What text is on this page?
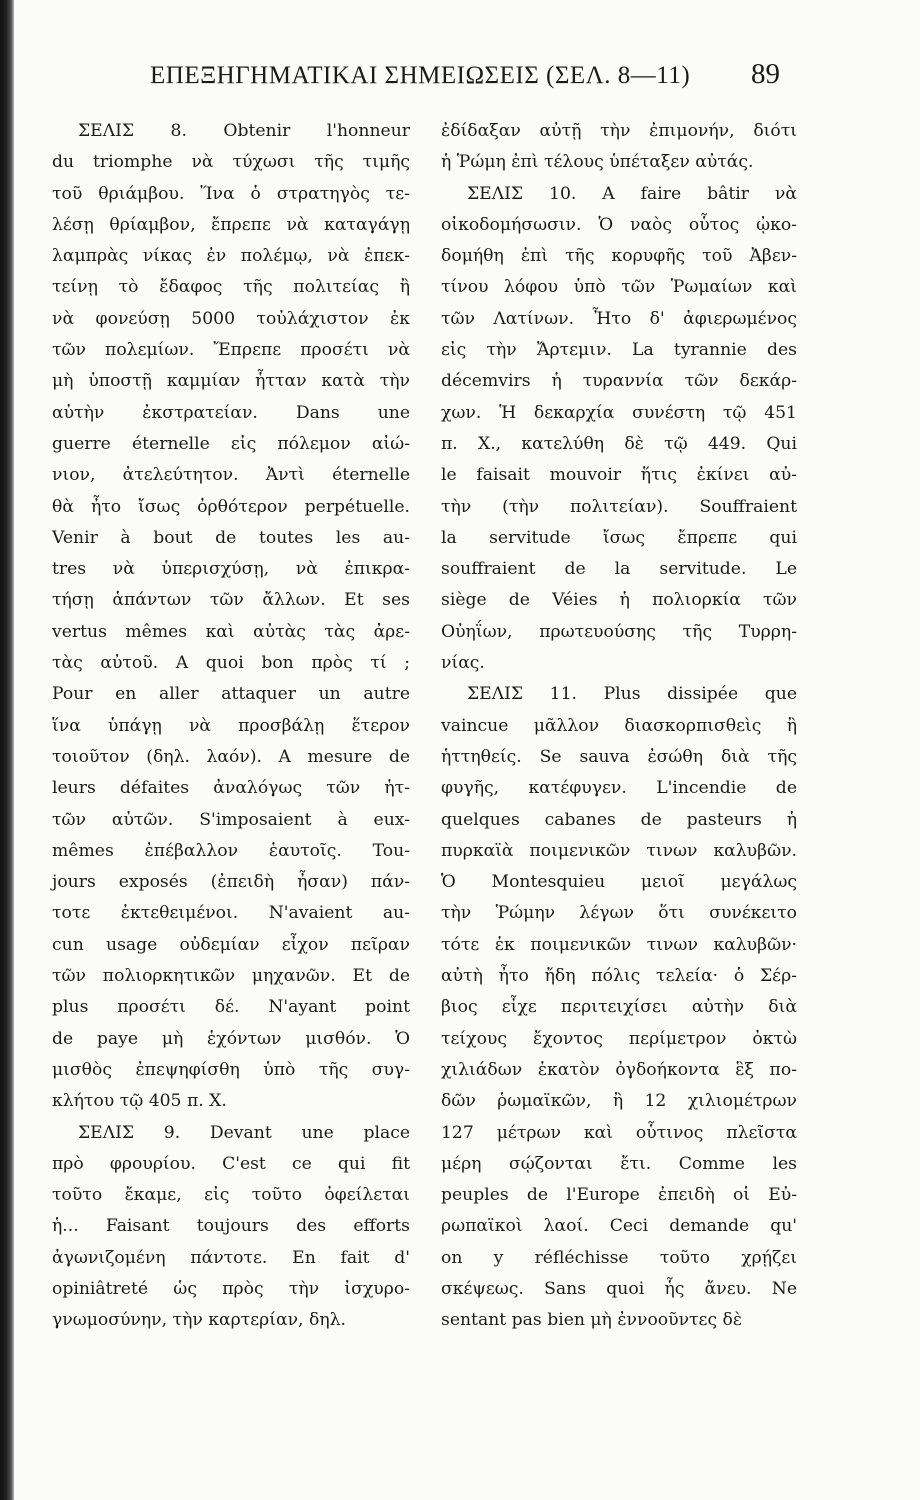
ΕΠΕΞΗΓΗΜΑΤΙΚΑΙ ΣΗΜΕΙΩΣΕΙΣ (ΣΕΛ. 8—11) 89
ΣΕΛΙΣ 8. Obtenir l'honneur
du triomphe νὰ τύχωσι τῆς τιμῆς
τοῦ θριάμβου. Ἵνα ὁ στρατηγὸς τε-
λέσῃ θρίαμβον, ἔπρεπε νὰ καταγάγῃ
λαμπρὰς νίκας ἐν πολέμῳ, νὰ ἐπεκ-
τείνῃ τὸ ἔδαφος τῆς πολιτείας ἢ
νὰ φονεύσῃ 5000 τοὐλάχιστον ἐκ
τῶν πολεμίων. Ἔπρεπε προσέτι νὰ
μὴ ὑποστῇ καμμίαν ἧτταν κατὰ τὴν
αὐτὴν ἐκστρατείαν. Dans une
guerre éternelle εἰς πόλεμον αἰώ-
νιον, ἀτελεύτητον. Ἀντὶ éternelle
θὰ ἦτο ἴσως ὀρθότερον perpétuelle.
Venir à bout de toutes les au-
tres νὰ ὑπερισχύσῃ, νὰ ἐπικρα-
τήσῃ ἁπάντων τῶν ἄλλων. Et ses
vertus mêmes καὶ αὐτὰς τὰς ἀρε-
τὰς αὐτοῦ. A quoi bon πρὸς τί ;
Pour en aller attaquer un autre
ἵνα ὑπάγῃ νὰ προσβάλῃ ἕτερον
τοιοῦτον (δηλ. λαόν). A mesure de
leurs défaites ἀναλόγως τῶν ἡτ-
τῶν αὐτῶν. S'imposaient à eux-
mêmes ἐπέβαλλον ἑαυτοῖς. Tou-
jours exposés (ἐπειδὴ ἦσαν) πάν-
τοτε ἐκτεθειμένοι. N'avaient au-
cun usage οὐδεμίαν εἶχον πεῖραν
τῶν πολιορκητικῶν μηχανῶν. Et de
plus προσέτι δέ. N'ayant point
de paye μὴ ἐχόντων μισθόν. Ὁ
μισθὸς ἐπεψηφίσθη ὑπὸ τῆς συγ-
κλήτου τῷ 405 π. Χ.
ΣΕΛΙΣ 9. Devant une place
πρὸ φρουρίου. C'est ce qui fit
τοῦτο ἔκαμε, εἰς τοῦτο ὀφείλεται
ἡ... Faisant toujours des efforts
ἀγωνιζομένη πάντοτε. En fait d'
opiniâtreté ὡς πρὸς τὴν ἰσχυρο-
γνωμοσύνην, τὴν καρτερίαν, δηλ.
ἐδίδαξαν αὐτῇ τὴν ἐπιμονήν, διότι
ἡ Ῥώμη ἐπὶ τέλους ὑπέταξεν αὐτάς.
ΣΕΛΙΣ 10. A faire bâtir νὰ
οἰκοδομήσωσιν. Ὁ ναὸς οὗτος ᾠκο-
δομήθη ἐπὶ τῆς κορυφῆς τοῦ Ἀβεν-
τίνου λόφου ὑπὸ τῶν Ῥωμαίων καὶ
τῶν Λατίνων. Ἦτο δ' ἀφιερωμένος
εἰς τὴν Ἄρτεμιν. La tyrannie des
décemvirs ἡ τυραννία τῶν δεκάρ-
χων. Ἡ δεκαρχία συνέστη τῷ 451
π. Χ., κατελύθη δὲ τῷ 449. Qui
le faisait mouvoir ἥτις ἐκίνει αὐ-
τὴν (τὴν πολιτείαν). Souffraient
la servitude ἴσως ἔπρεπε qui
souffraient de la servitude. Le
siège de Véies ἡ πολιορκία τῶν
Οὐηΐων, πρωτευούσης τῆς Τυρρη-
νίας.
ΣΕΛΙΣ 11. Plus dissipée que
vaincue μᾶλλον διασκορπισθεὶς ἢ
ἡττηθείς. Se sauva ἐσώθη διὰ τῆς
φυγῆς, κατέφυγεν. L'incendie de
quelques cabanes de pasteurs ἡ
πυρκαϊὰ ποιμενικῶν τινων καλυβῶν.
Ὁ Montesquieu μειοῖ μεγάλως
τὴν Ῥώμην λέγων ὅτι συνέκειτο
τότε ἐκ ποιμενικῶν τινων καλυβῶν·
αὐτὴ ἦτο ἤδη πόλις τελεία· ὁ Σέρ-
βιος εἶχε περιτειχίσει αὐτὴν διὰ
τείχους ἔχοντος περίμετρον ὀκτὼ
χιλιάδων ἑκατὸν ὀγδοήκοντα ἓξ πο-
δῶν ῥωμαϊκῶν, ἢ 12 χιλιομέτρων
127 μέτρων καὶ οὗτινος πλεῖστα
μέρη σῴζονται ἔτι. Comme les
peuples de l'Europe ἐπειδὴ οἱ Εὐ-
ρωπαϊκοὶ λαοί. Ceci demande qu'
on y réfléchisse τοῦτο χρῄζει
σκέψεως. Sans quoi ἧς ἄνευ. Ne
sentant pas bien μὴ ἐννοοῦντες δὲ
